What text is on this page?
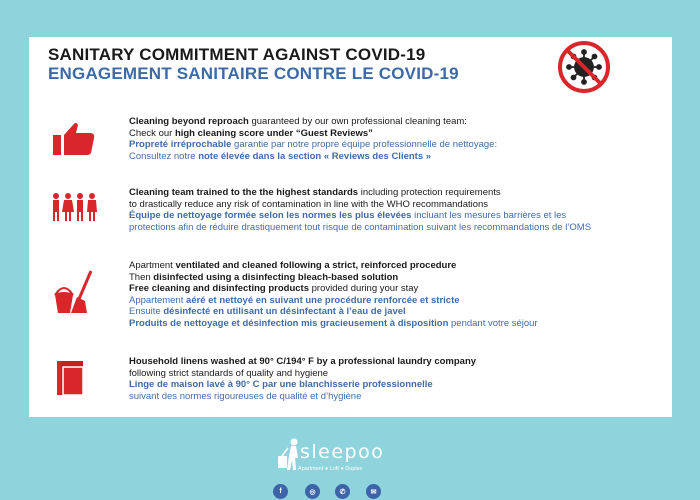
SANITARY COMMITMENT AGAINST COVID-19
ENGAGEMENT SANITAIRE CONTRE LE COVID-19
Cleaning beyond reproach guaranteed by our own professional cleaning team:
Check our high cleaning score under “Guest Reviews”
Propreté irréprochable garantie par notre propre équipe professionnelle de nettoyage:
Consultez notre note élevée dans la section « Reviews des Clients »
Cleaning team trained to the the highest standards including protection requirements
to drastically reduce any risk of contamination in line with the WHO recommandations
Équipe de nettoyage formée selon les normes les plus élevées incluant les mesures barrières et les
protections afin de réduire drastiquement tout risque de contamination suivant les recommandations de l’OMS
Apartment ventilated and cleaned following a strict, reinforced procedure
Then disinfected using a disinfecting bleach-based solution
Free cleaning and disinfecting products provided during your stay
Appartement aéré et nettoyé en suivant une procédure renforcée et stricte
Ensuite désinfecté en utilisant un désinfectant à l’eau de javel
Produits de nettoyage et désinfection mis gracieusement à disposition pendant votre séjour
Household linens washed at 90° C/194° F by a professional laundry company
following strict standards of quality and hygiene
Linge de maison lavé à 90° C par une blanchisserie professionnelle
suivant des normes rigoureuses de qualité et d’hygiène
sleepoo
Apartment ● Loft ● Duplex
f	◎	✆	✉
